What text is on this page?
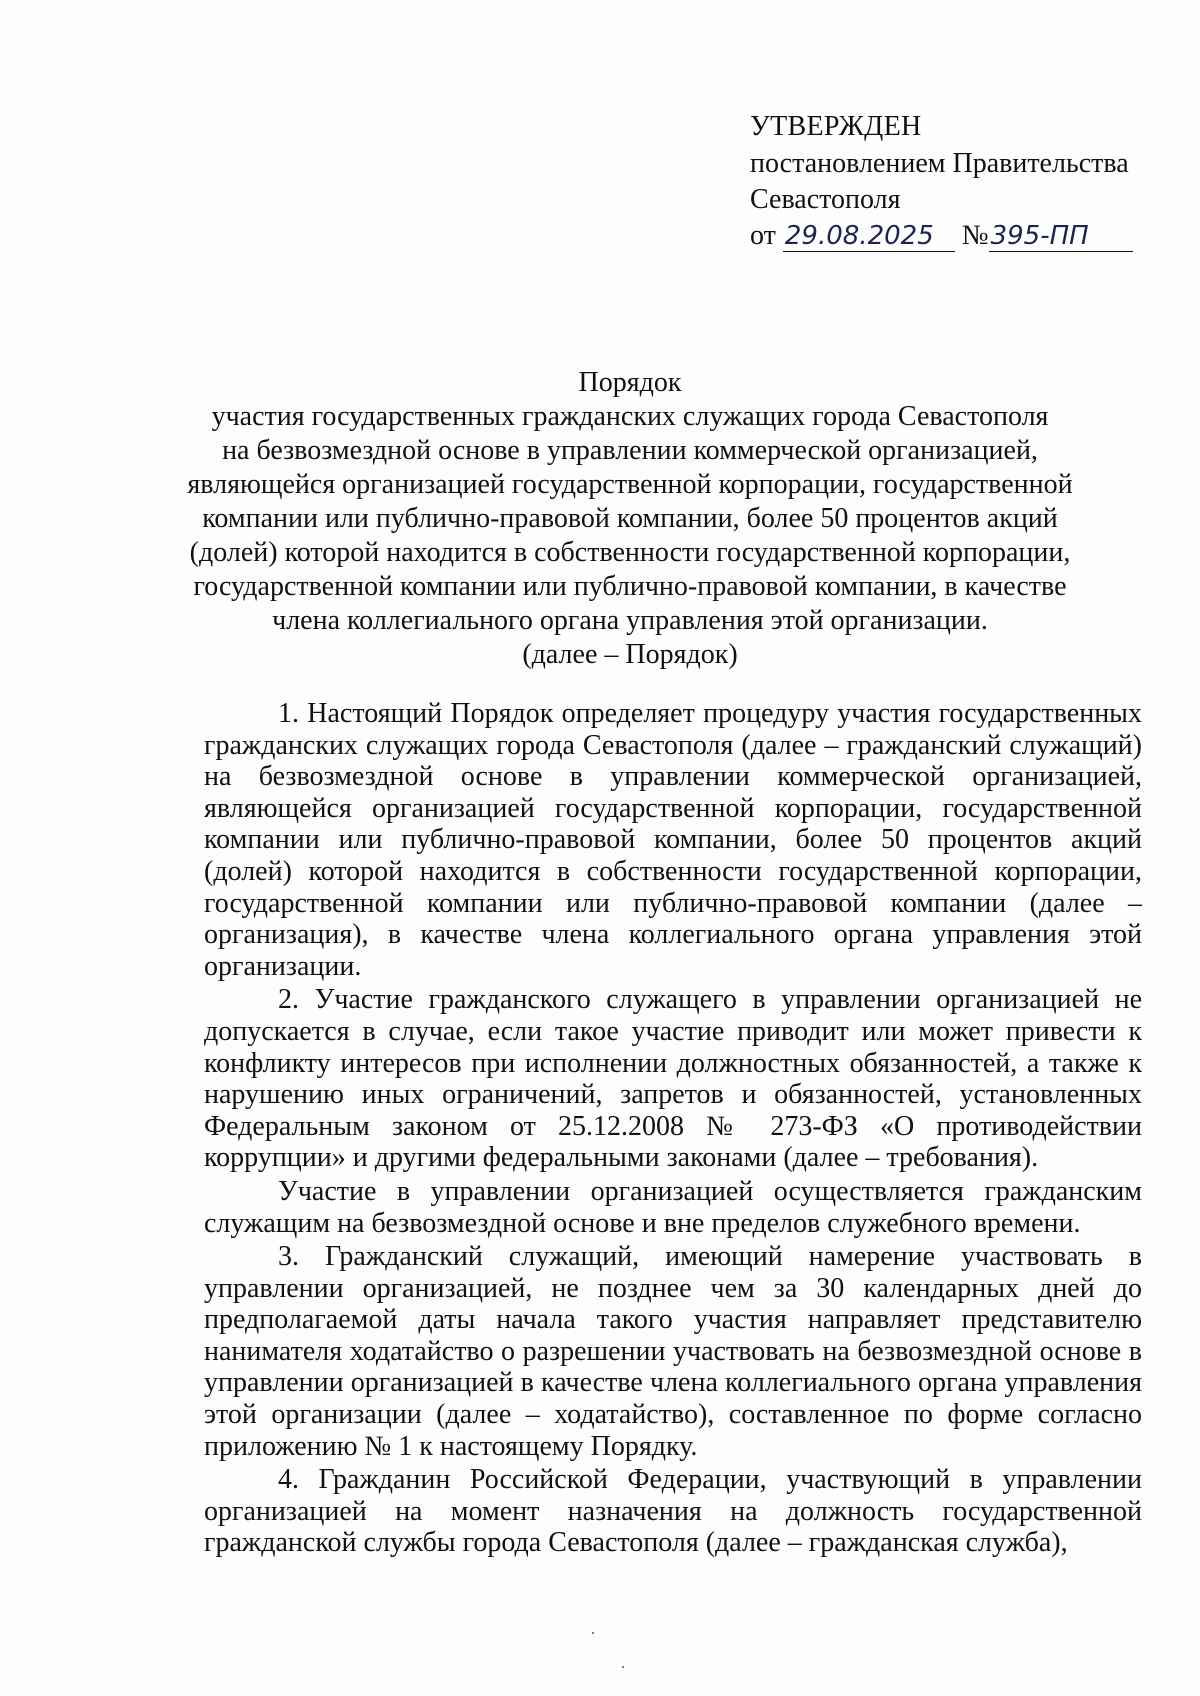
УТВЕРЖДЕН
постановлением Правительства
Севастополя
от 29.08.2025 №395-ПП
Порядок
участия государственных гражданских служащих города Севастополя
на безвозмездной основе в управлении коммерческой организацией,
являющейся организацией государственной корпорации, государственной
компании или публично-правовой компании, более 50 процентов акций
(долей) которой находится в собственности государственной корпорации,
государственной компании или публично-правовой компании, в качестве
члена коллегиального органа управления этой организации.
(далее – Порядок)

1. Настоящий Порядок определяет процедуру участия государственных гражданских служащих города Севастополя (далее – гражданский служащий) на безвозмездной основе в управлении коммерческой организацией, являющейся организацией государственной корпорации, государственной компании или публично-правовой компании, более 50 процентов акций (долей) которой находится в собственности государственной корпорации, государственной компании или публично-правовой компании (далее – организация), в качестве члена коллегиального органа управления этой организации.

2. Участие гражданского служащего в управлении организацией не допускается в случае, если такое участие приводит или может привести к конфликту интересов при исполнении должностных обязанностей, а также к нарушению иных ограничений, запретов и обязанностей, установленных Федеральным законом от 25.12.2008 № 273-ФЗ «О противодействии коррупции» и другими федеральными законами (далее – требования).

Участие в управлении организацией осуществляется гражданским служащим на безвозмездной основе и вне пределов служебного времени.

3. Гражданский служащий, имеющий намерение участвовать в управлении организацией, не позднее чем за 30 календарных дней до предполагаемой даты начала такого участия направляет представителю нанимателя ходатайство о разрешении участвовать на безвозмездной основе в управлении организацией в качестве члена коллегиального органа управления этой организации (далее – ходатайство), составленное по форме согласно приложению № 1 к настоящему Порядку.

4. Гражданин Российской Федерации, участвующий в управлении организацией на момент назначения на должность государственной гражданской службы города Севастополя (далее – гражданская служба),
